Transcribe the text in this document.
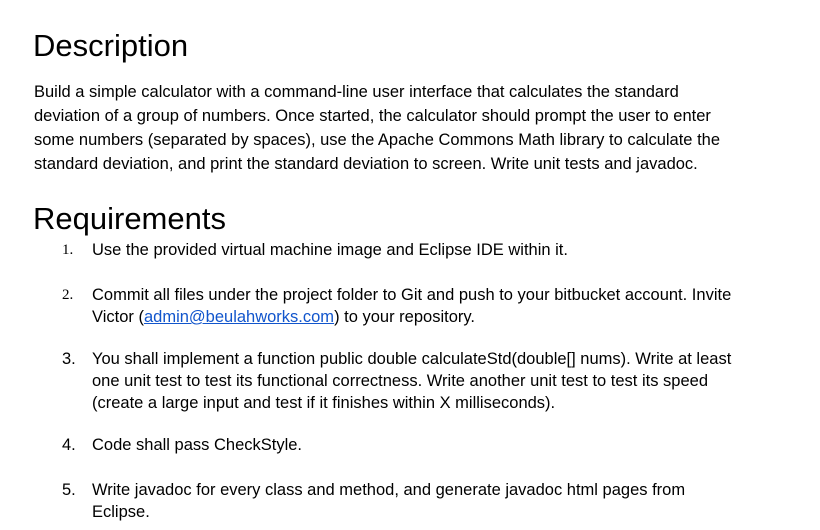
Description

Build a simple calculator with a command-line user interface that calculates the standard
deviation of a group of numbers. Once started, the calculator should prompt the user to enter
some numbers (separated by spaces), use the Apache Commons Math library to calculate the
standard deviation, and print the standard deviation to screen. Write unit tests and javadoc.

Requirements
1. Use the provided virtual machine image and Eclipse IDE within it.
2. Commit all files under the project folder to Git and push to your bitbucket account. Invite
Victor (admin@beulahworks.com) to your repository.
3. You shall implement a function public double calculateStd(double[] nums). Write at least
one unit test to test its functional correctness. Write another unit test to test its speed
(create a large input and test if it finishes within X milliseconds).
4. Code shall pass CheckStyle.
5. Write javadoc for every class and method, and generate javadoc html pages from
Eclipse.
